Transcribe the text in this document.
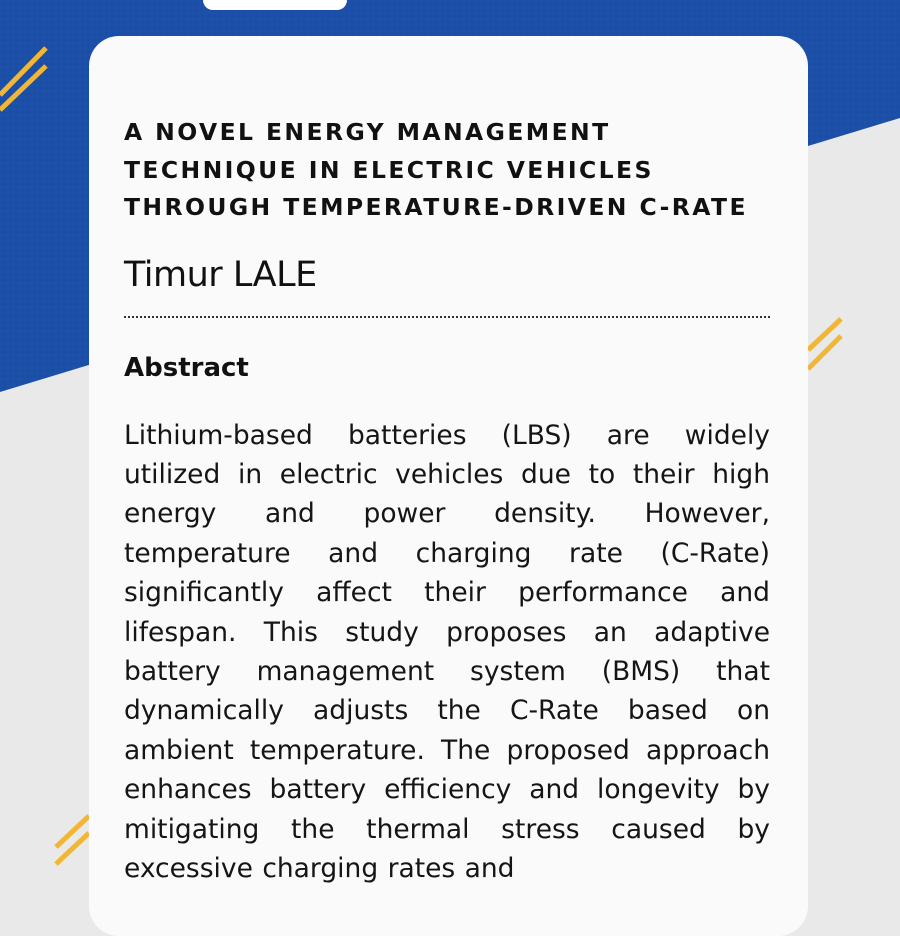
A NOVEL ENERGY MANAGEMENT TECHNIQUE IN ELECTRIC VEHICLES THROUGH TEMPERATURE-DRIVEN C-RATE
Timur LALE
Abstract

Lithium-based batteries (LBS) are widely utilized in electric vehicles due to their high energy and power density. However, temperature and charging rate (C-Rate) significantly affect their performance and lifespan. This study proposes an adaptive battery management system (BMS) that dynamically adjusts the C-Rate based on ambient temperature. The proposed approach enhances battery efficiency and longevity by mitigating the thermal stress caused by excessive charging rates and
